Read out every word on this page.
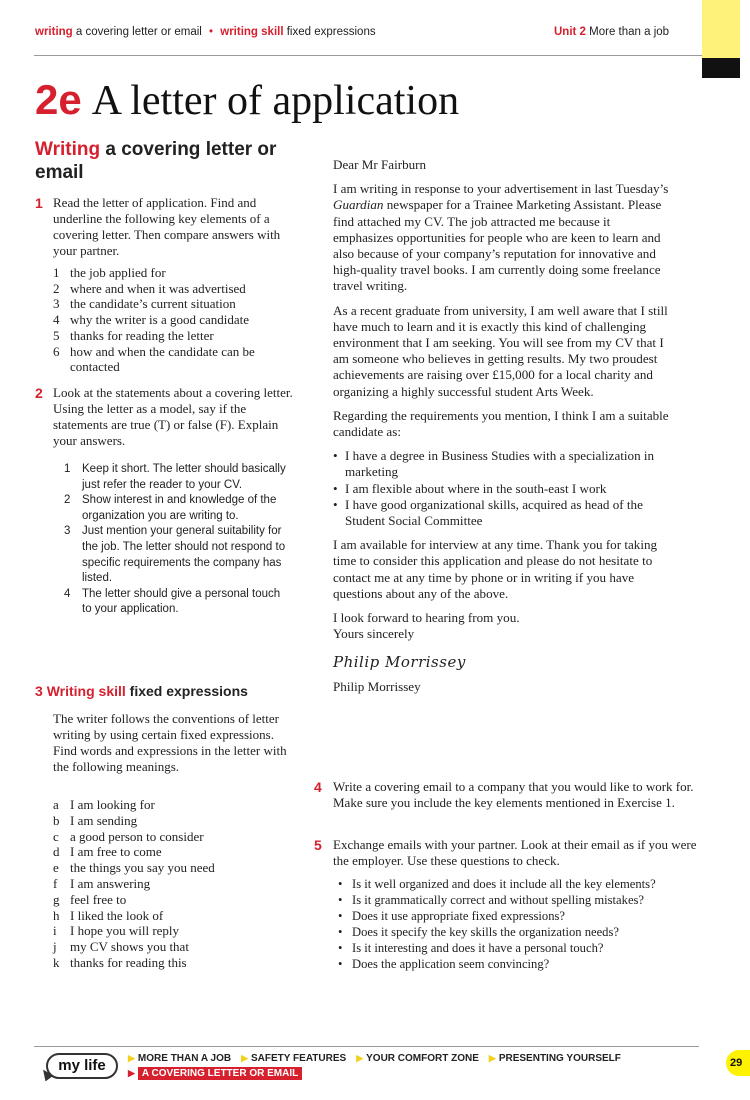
writing a covering letter or email • writing skill fixed expressions	Unit 2 More than a job
2e A letter of application
Writing a covering letter or email
1 Read the letter of application. Find and underline the following key elements of a covering letter. Then compare answers with your partner.
1 the job applied for
2 where and when it was advertised
3 the candidate’s current situation
4 why the writer is a good candidate
5 thanks for reading the letter
6 how and when the candidate can be contacted
2 Look at the statements about a covering letter. Using the letter as a model, say if the statements are true (T) or false (F). Explain your answers.
1 Keep it short. The letter should basically just refer the reader to your CV.
2 Show interest in and knowledge of the organization you are writing to.
3 Just mention your general suitability for the job. The letter should not respond to specific requirements the company has listed.
4 The letter should give a personal touch to your application.
3 Writing skill fixed expressions
The writer follows the conventions of letter writing by using certain fixed expressions. Find words and expressions in the letter with the following meanings.
a I am looking for
b I am sending
c a good person to consider
d I am free to come
e the things you say you need
f I am answering
g feel free to
h I liked the look of
i I hope you will reply
j my CV shows you that
k thanks for reading this

Dear Mr Fairburn

I am writing in response to your advertisement in last Tuesday’s Guardian newspaper for a Trainee Marketing Assistant. Please find attached my CV. The job attracted me because it emphasizes opportunities for people who are keen to learn and also because of your company’s reputation for innovative and high-quality travel books. I am currently doing some freelance travel writing.

As a recent graduate from university, I am well aware that I still have much to learn and it is exactly this kind of challenging environment that I am seeking. You will see from my CV that I am someone who believes in getting results. My two proudest achievements are raising over £15,000 for a local charity and organizing a highly successful student Arts Week.

Regarding the requirements you mention, I think I am a suitable candidate as:

• I have a degree in Business Studies with a specialization in marketing
• I am flexible about where in the south-east I work
• I have good organizational skills, acquired as head of the Student Social Committee

I am available for interview at any time. Thank you for taking time to consider this application and please do not hesitate to contact me at any time by phone or in writing if you have questions about any of the above.

I look forward to hearing from you.

Yours sincerely

Philip Morrissey

Philip Morrissey

4 Write a covering email to a company that you would like to work for. Make sure you include the key elements mentioned in Exercise 1.
5 Exchange emails with your partner. Look at their email as if you were the employer. Use these questions to check.
• Is it well organized and does it include all the key elements?
• Is it grammatically correct and without spelling mistakes?
• Does it use appropriate fixed expressions?
• Does it specify the key skills the organization needs?
• Is it interesting and does it have a personal touch?
• Does the application seem convincing?
my life	▶ MORE THAN A JOB ▶ SAFETY FEATURES ▶ YOUR COMFORT ZONE ▶ PRESENTING YOURSELF
▶ A COVERING LETTER OR EMAIL
29
